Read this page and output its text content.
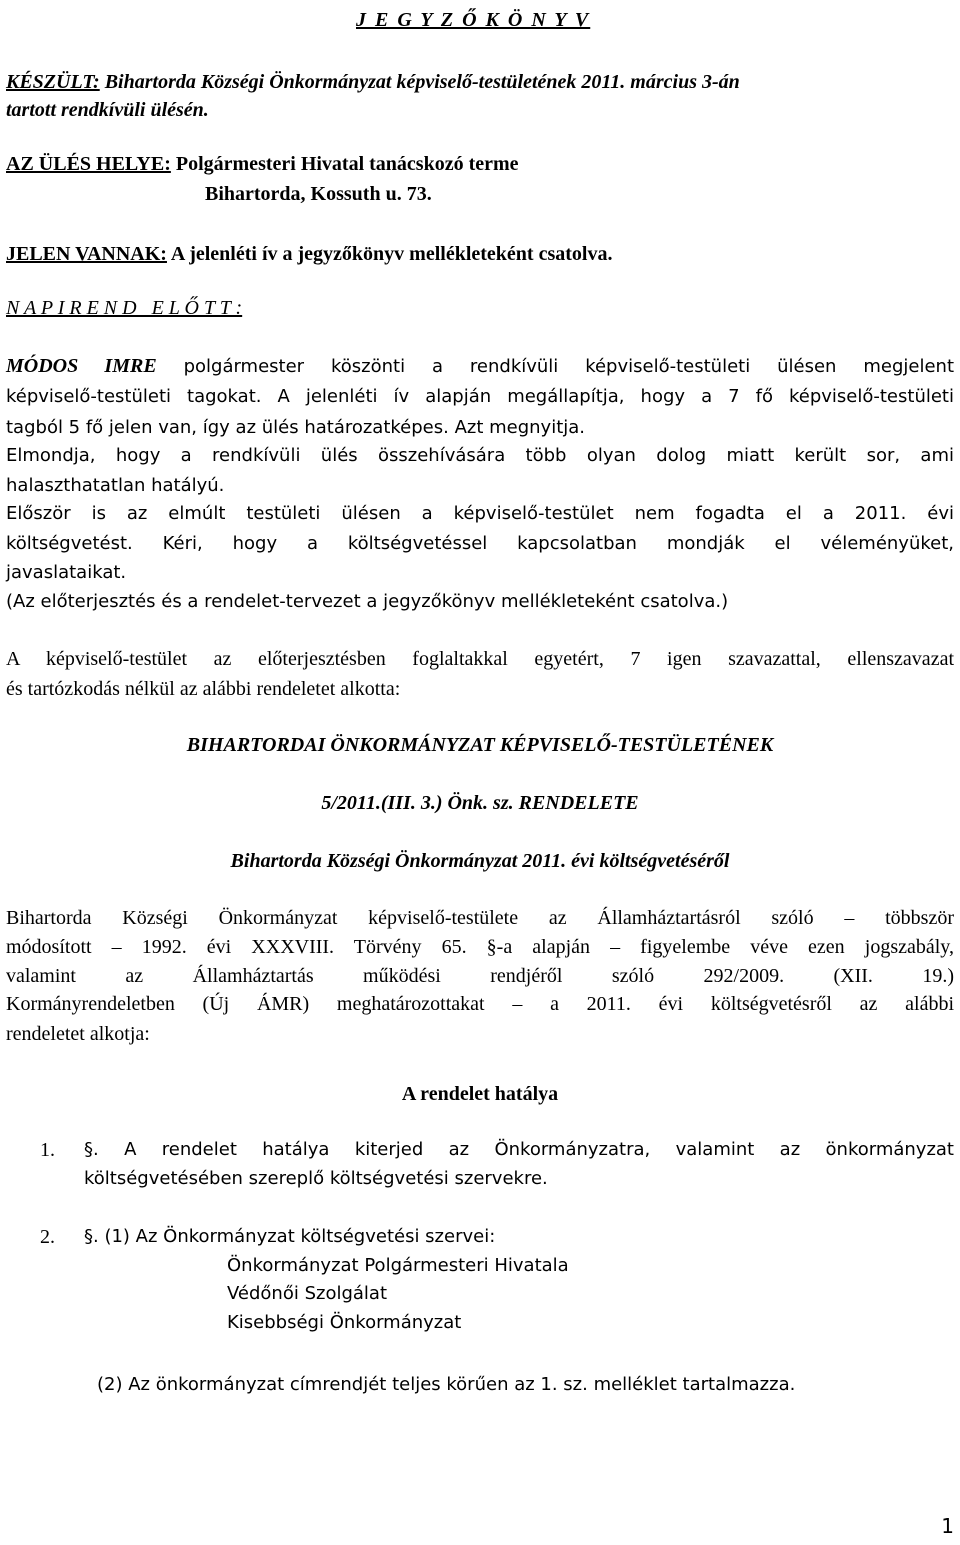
J E G Y Z Ő K Ö N Y V
KÉSZÜLT: Bihartorda Községi Önkormányzat képviselő-testületének 2011. március 3-án
tartott rendkívüli ülésén.
AZ ÜLÉS HELYE: Polgármesteri Hivatal tanácskozó terme
Bihartorda, Kossuth u. 73.
JELEN VANNAK: A jelenléti ív a jegyzőkönyv mellékleteként csatolva.
N A P I R E N D   E L Ő T T :
MÓDOS IMRE polgármester köszönti a rendkívüli képviselő-testületi ülésen megjelent
képviselő-testületi tagokat. A jelenléti ív alapján megállapítja, hogy a 7 fő képviselő-testületi
tagból 5 fő jelen van, így az ülés határozatképes. Azt megnyitja.
Elmondja, hogy a rendkívüli ülés összehívására több olyan dolog miatt került sor, ami
halaszthatatlan hatályú.
Először is az elmúlt testületi ülésen a képviselő-testület nem fogadta el a 2011. évi
költségvetést. Kéri, hogy a költségvetéssel kapcsolatban mondják el véleményüket,
javaslataikat.
(Az előterjesztés és a rendelet-tervezet a jegyzőkönyv mellékleteként csatolva.)
A képviselő-testület az előterjesztésben foglaltakkal egyetért, 7 igen szavazattal, ellenszavazat
és tartózkodás nélkül az alábbi rendeletet alkotta:
BIHARTORDAI ÖNKORMÁNYZAT KÉPVISELŐ-TESTÜLETÉNEK
5/2011.(III. 3.) Önk. sz. RENDELETE
Bihartorda Községi Önkormányzat 2011. évi költségvetéséről
Bihartorda Községi Önkormányzat képviselő-testülete az Államháztartásról szóló – többször
módosított – 1992. évi XXXVIII. Törvény 65. §-a alapján – figyelembe véve ezen jogszabály,
valamint az Államháztartás működési rendjéről szóló 292/2009. (XII. 19.)
Kormányrendeletben (Új ÁMR) meghatározottakat – a 2011. évi költségvetésről az alábbi
rendeletet alkotja:
A rendelet hatálya
1.	§. A rendelet hatálya kiterjed az Önkormányzatra, valamint az önkormányzat
költségvetésében szereplő költségvetési szervekre.
2.	§. (1) Az Önkormányzat költségvetési szervei:
Önkormányzat Polgármesteri Hivatala
Védőnői Szolgálat
Kisebbségi Önkormányzat
(2) Az önkormányzat címrendjét teljes körűen az 1. sz. melléklet tartalmazza.
1
